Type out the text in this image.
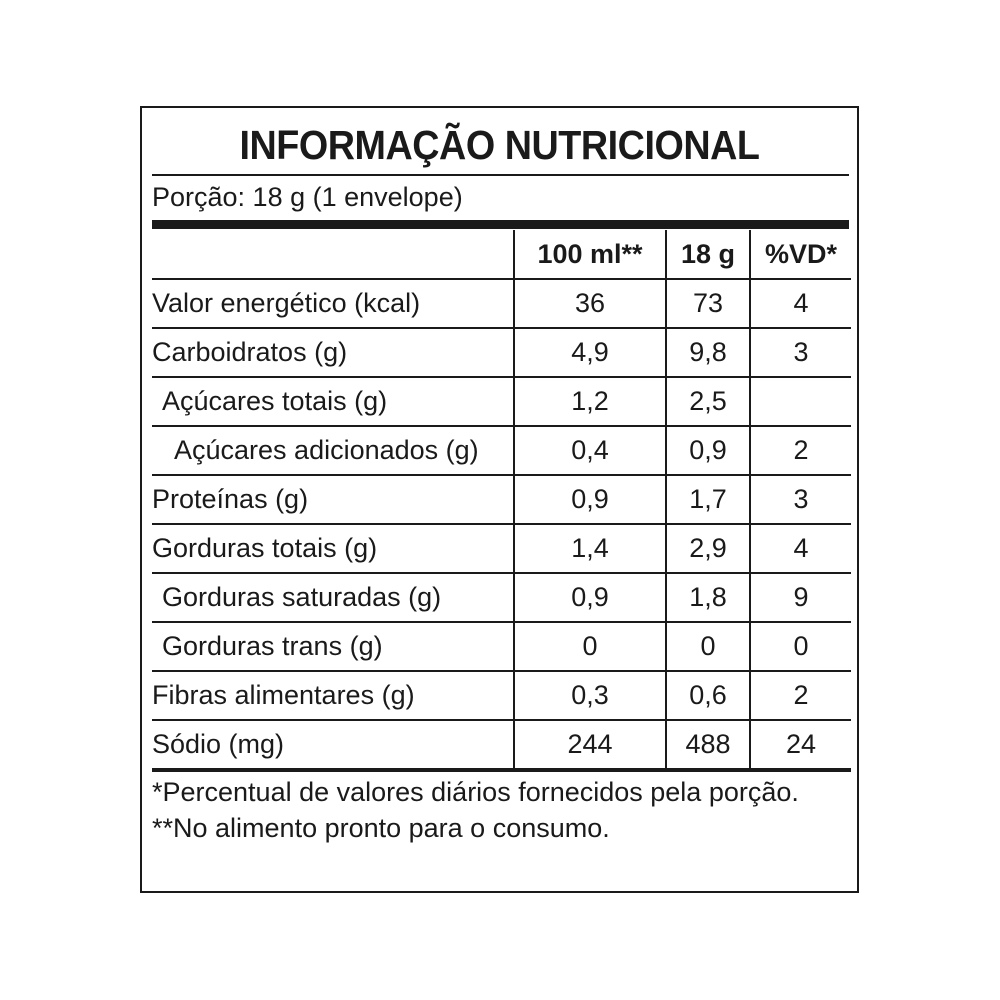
INFORMAÇÃO NUTRICIONAL
Porção: 18 g (1 envelope)
	100 ml**	18 g	%VD*
Valor energético (kcal)	36	73	4
Carboidratos (g)	4,9	9,8	3
Açúcares totais (g)	1,2	2,5	
Açúcares adicionados (g)	0,4	0,9	2
Proteínas (g)	0,9	1,7	3
Gorduras totais (g)	1,4	2,9	4
Gorduras saturadas (g)	0,9	1,8	9
Gorduras trans (g)	0	0	0
Fibras alimentares (g)	0,3	0,6	2
Sódio (mg)	244	488	24

*Percentual de valores diários fornecidos pela porção.

**No alimento pronto para o consumo.
